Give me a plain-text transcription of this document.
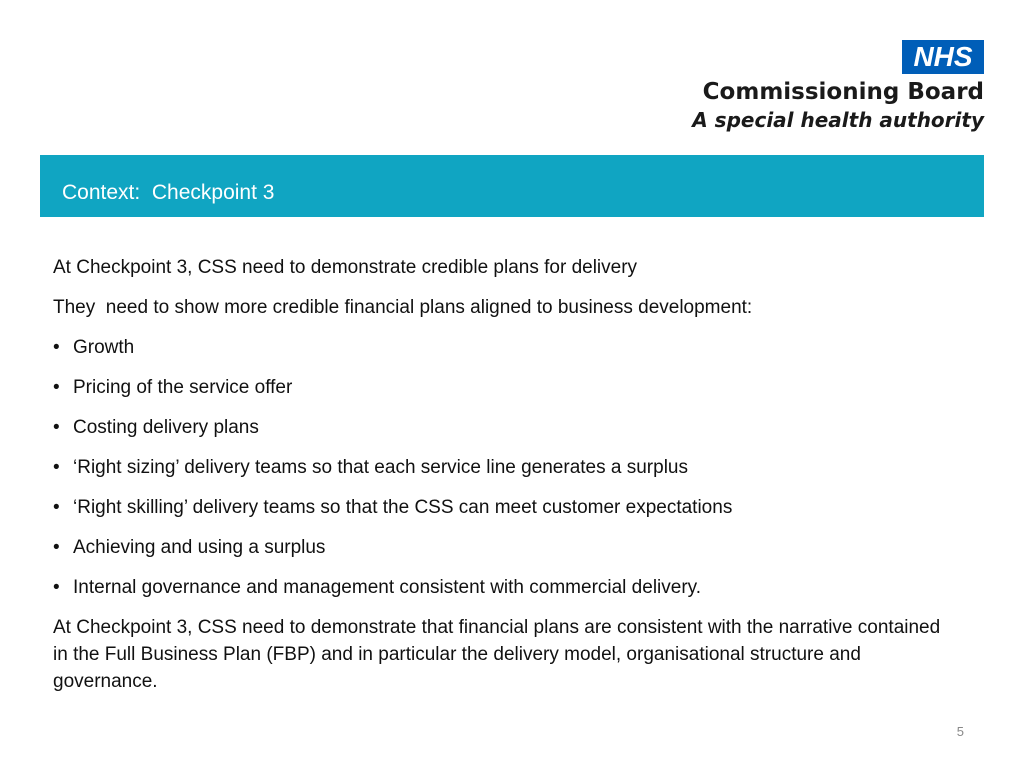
NHS
Commissioning Board
A special health authority
Context:  Checkpoint 3

At Checkpoint 3, CSS need to demonstrate credible plans for delivery

They  need to show more credible financial plans aligned to business development:

• Growth
• Pricing of the service offer
• Costing delivery plans
• ‘Right sizing’ delivery teams so that each service line generates a surplus
• ‘Right skilling’ delivery teams so that the CSS can meet customer expectations
• Achieving and using a surplus
• Internal governance and management consistent with commercial delivery.

At Checkpoint 3, CSS need to demonstrate that financial plans are consistent with the narrative contained in the Full Business Plan (FBP) and in particular the delivery model, organisational structure and governance.

5
